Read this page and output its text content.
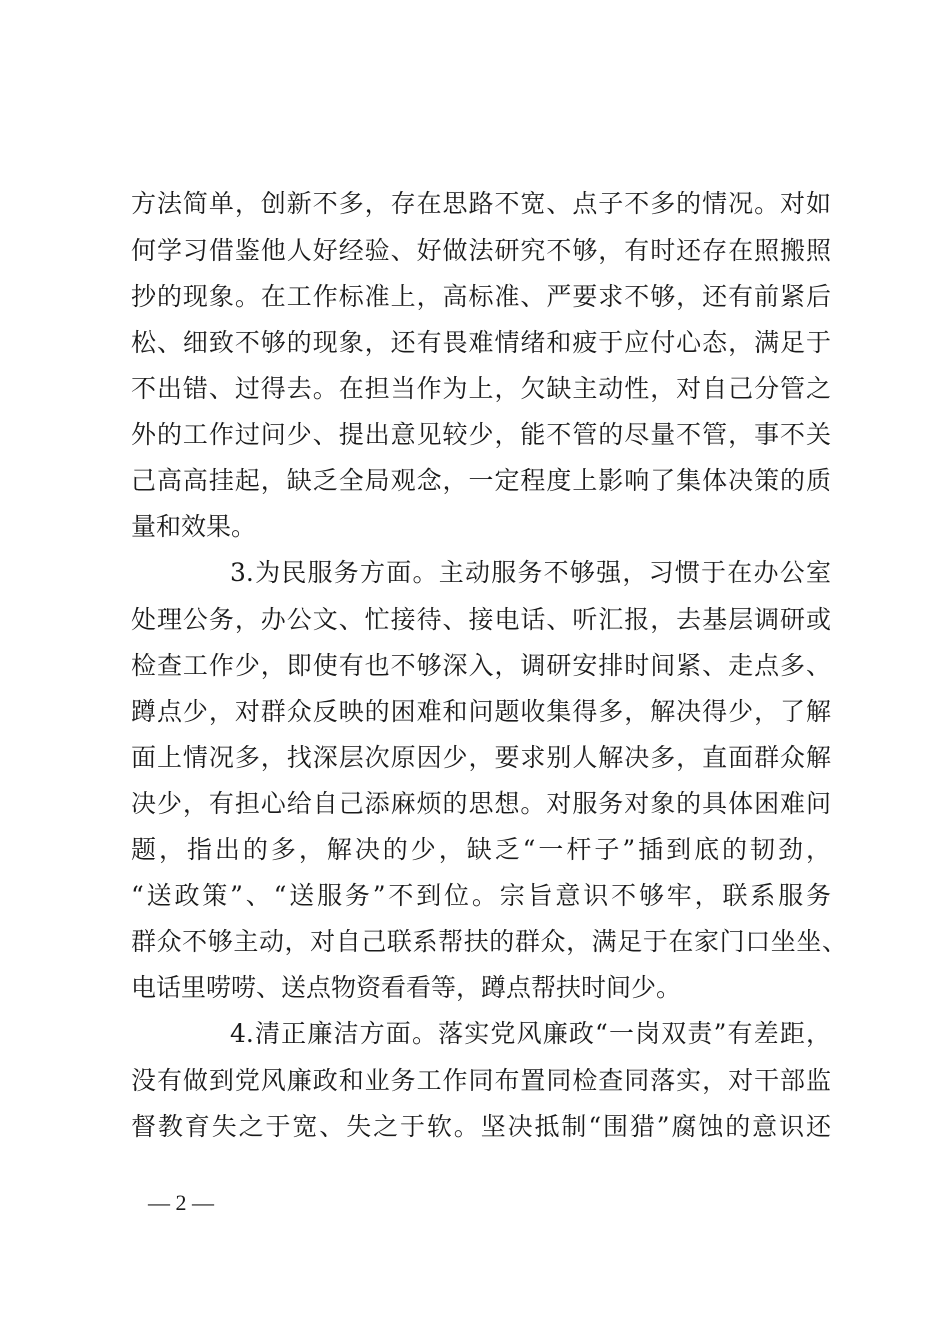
方法简单，创新不多，存在思路不宽、点子不多的情况。对如
何学习借鉴他人好经验、好做法研究不够，有时还存在照搬照
抄的现象。在工作标准上，高标准、严要求不够，还有前紧后
松、细致不够的现象，还有畏难情绪和疲于应付心态，满足于
不出错、过得去。在担当作为上，欠缺主动性，对自己分管之
外的工作过问少、提出意见较少，能不管的尽量不管，事不关
己高高挂起，缺乏全局观念，一定程度上影响了集体决策的质
量和效果。
3.为民服务方面。主动服务不够强，习惯于在办公室
处理公务，办公文、忙接待、接电话、听汇报，去基层调研或
检查工作少，即使有也不够深入，调研安排时间紧、走点多、
蹲点少，对群众反映的困难和问题收集得多，解决得少，了解
面上情况多，找深层次原因少，要求别人解决多，直面群众解
决少，有担心给自己添麻烦的思想。对服务对象的具体困难问
题，指出的多，解决的少，缺乏“一杆子”插到底的韧劲，
“送政策”、“送服务”不到位。宗旨意识不够牢，联系服务
群众不够主动，对自己联系帮扶的群众，满足于在家门口坐坐、
电话里唠唠、送点物资看看等，蹲点帮扶时间少。
4.清正廉洁方面。落实党风廉政“一岗双责”有差距，
没有做到党风廉政和业务工作同布置同检查同落实，对干部监
督教育失之于宽、失之于软。坚决抵制“围猎”腐蚀的意识还
— 2 —
